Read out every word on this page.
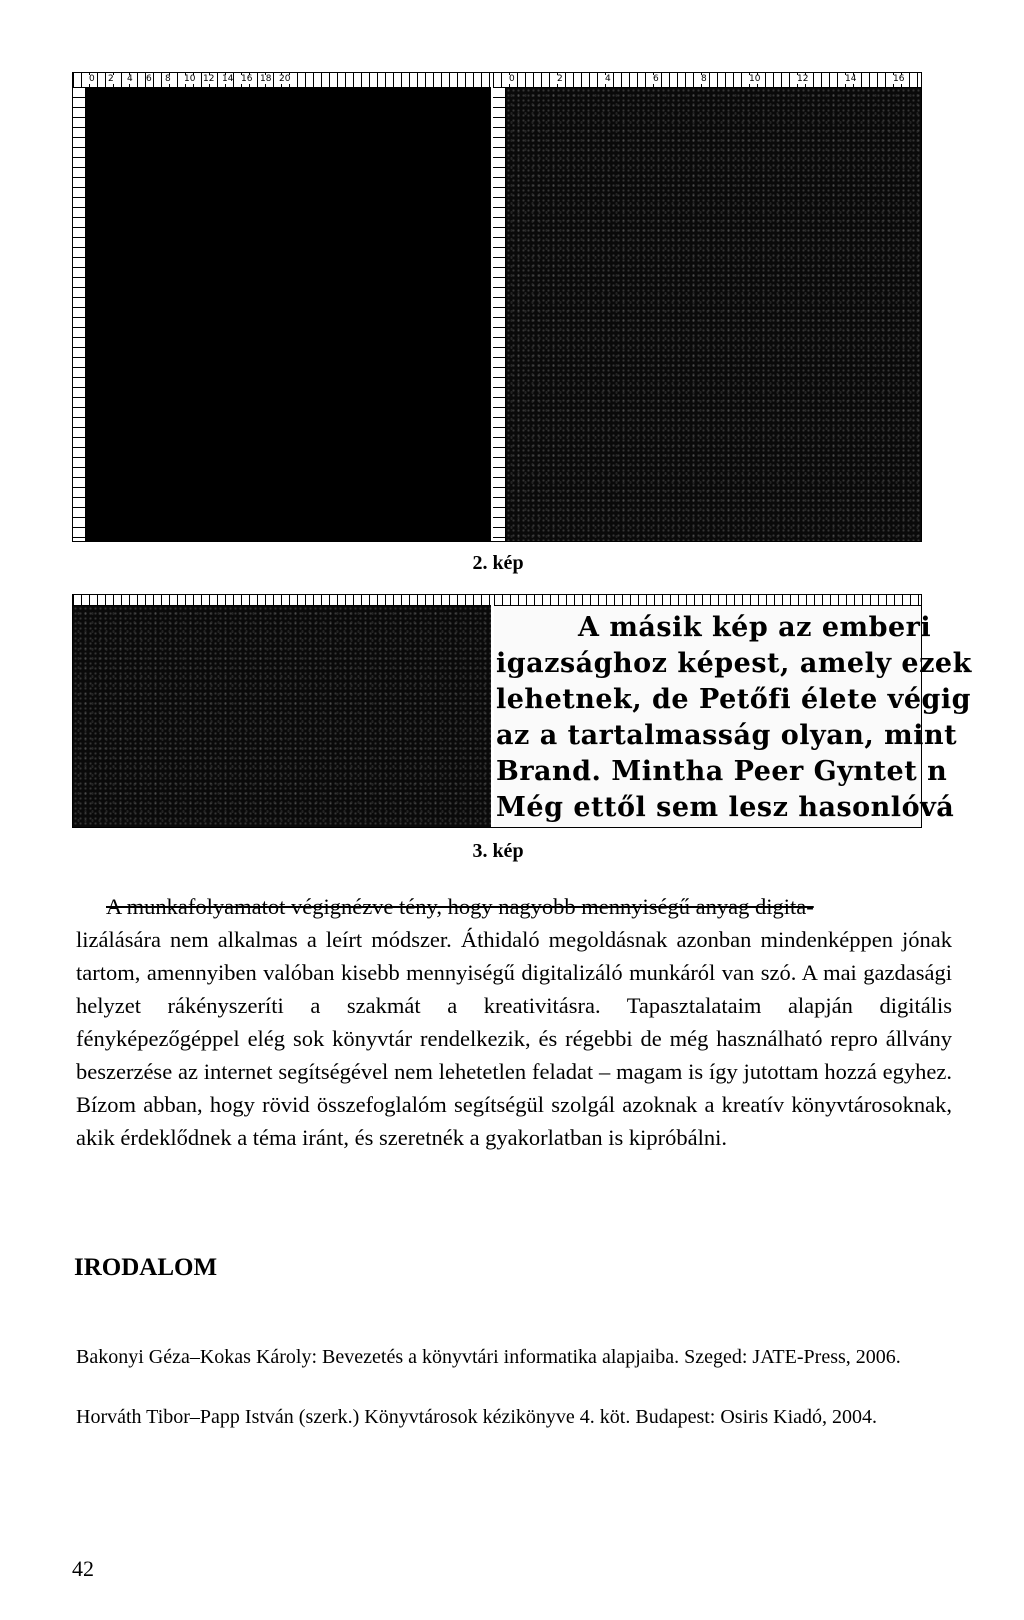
0 2 4 6 8 10 12 14 16 18 20	0	2	4	6	8	10	12	14	16
2. kép
A másik kép az emberi
igazsághoz képest, amely ezek
lehetnek, de Petőfi élete végig
az a tartalmasság olyan, mint
Brand. Mintha Peer Gyntet n
Még ettől sem lesz hasonlóvá
3. kép

A munkafolyamatot végignézve tény, hogy nagyobb mennyiségű anyag digita-

lizálására nem alkalmas a leírt módszer. Áthidaló megoldásnak azonban mindenképpen jónak tartom, amennyiben valóban kisebb mennyiségű digitalizáló munkáról van szó. A mai gazdasági helyzet rákényszeríti a szakmát a kreativitásra. Tapasztalataim alapján digitális fényképezőgéppel elég sok könyvtár rendelkezik, és régebbi de még használható repro állvány beszerzése az internet segítségével nem lehetetlen feladat – magam is így jutottam hozzá egyhez. Bízom abban, hogy rövid összefoglalóm segítségül szolgál azoknak a kreatív könyvtárosoknak, akik érdeklődnek a téma iránt, és szeretnék a gyakorlatban is kipróbálni.
IRODALOM
Bakonyi Géza–Kokas Károly: Bevezetés a könyvtári informatika alapjaiba. Szeged: JATE-Press, 2006.
Horváth Tibor–Papp István (szerk.) Könyvtárosok kézikönyve 4. köt. Budapest: Osiris Kiadó, 2004.
42
